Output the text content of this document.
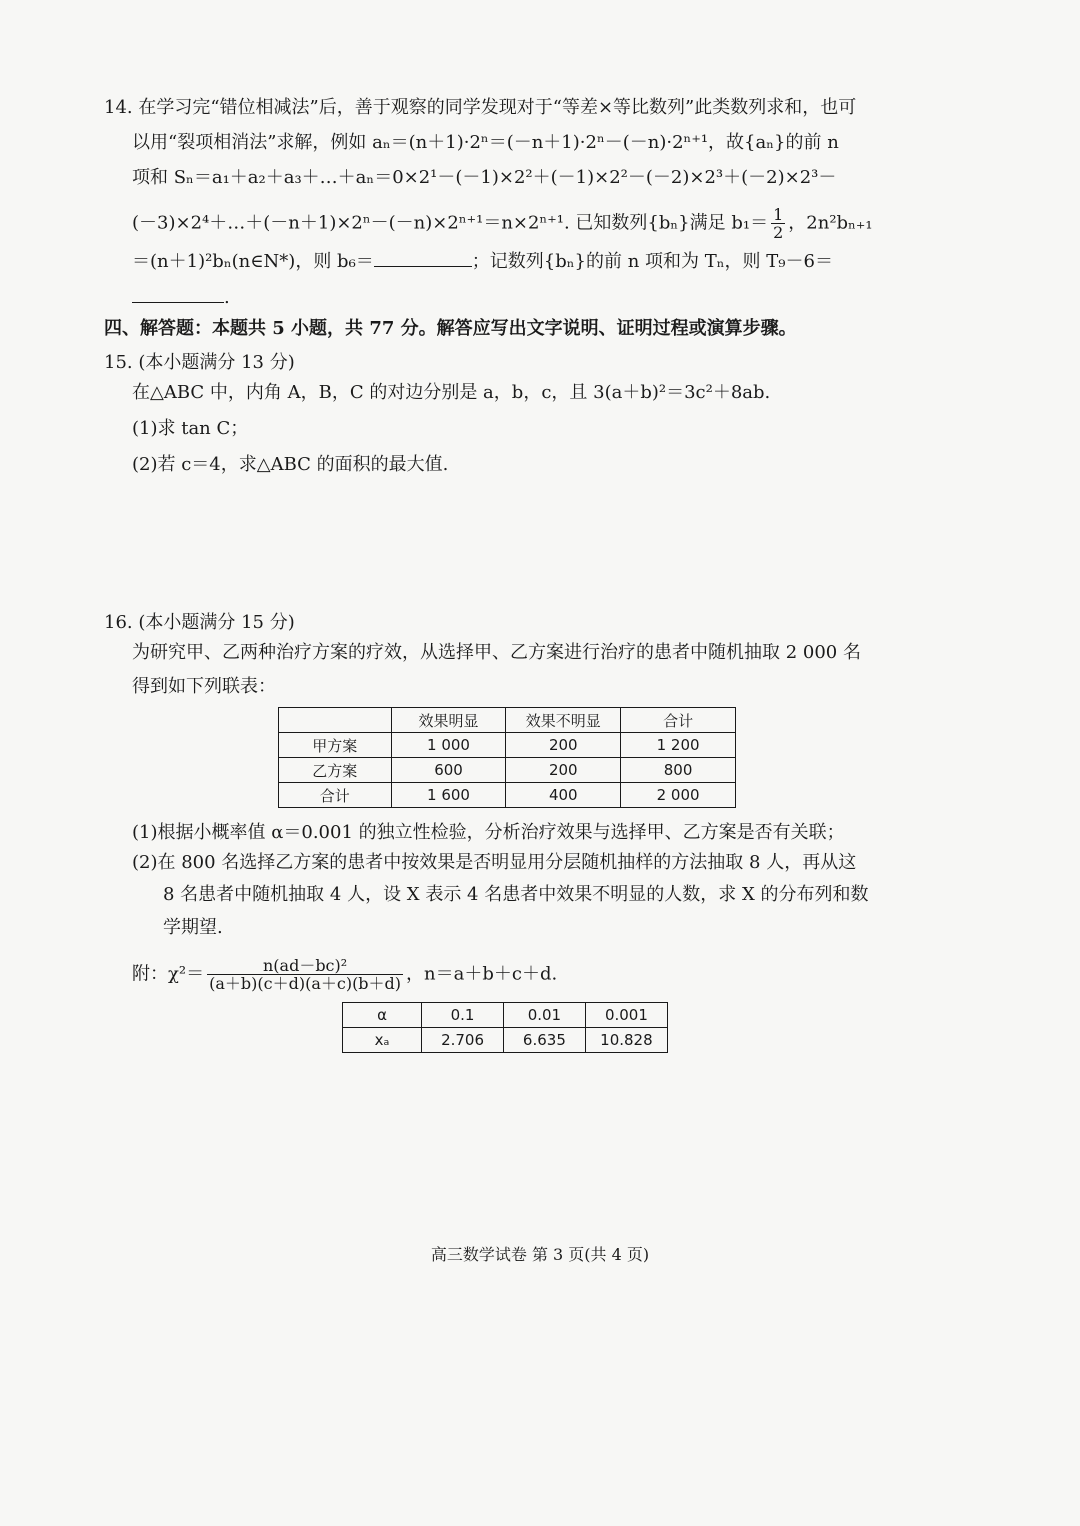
14. 在学习完“错位相减法”后，善于观察的同学发现对于“等差×等比数列”此类数列求和，也可
以用“裂项相消法”求解，例如 aₙ＝(n＋1)·2ⁿ＝(－n＋1)·2ⁿ－(－n)·2ⁿ⁺¹，故{aₙ}的前 n
项和 Sₙ＝a₁＋a₂＋a₃＋…＋aₙ＝0×2¹－(－1)×2²＋(－1)×2²－(－2)×2³＋(－2)×2³－
(－3)×2⁴＋…＋(－n＋1)×2ⁿ－(－n)×2ⁿ⁺¹＝n×2ⁿ⁺¹. 已知数列{bₙ}满足 $b_1= \frac{1}{2}$ ，2n²bₙ₊₁
＝(n＋1)²bₙ(n∈N*)，则 b₆＝	；记数列{bₙ}的前 n 项和为 Tₙ，则 T₉－6＝
.
四、解答题：本题共 5 小题，共 77 分。解答应写出文字说明、证明过程或演算步骤。
15. (本小题满分 13 分)
在△ABC 中，内角 A，B，C 的对边分别是 a，b，c，且 3(a＋b)²＝3c²＋8ab.
(1)求 tan C；
(2)若 c＝4，求△ABC 的面积的最大值.
16. (本小题满分 15 分)
为研究甲、乙两种治疗方案的疗效，从选择甲、乙方案进行治疗的患者中随机抽取 2 000 名
得到如下列联表：
	效果明显	效果不明显	合计
甲方案	1 000	200	1 200
乙方案	600	200	800
合计	1 600	400	2 000
(1)根据小概率值 α＝0.001 的独立性检验，分析治疗效果与选择甲、乙方案是否有关联；
(2)在 800 名选择乙方案的患者中按效果是否明显用分层随机抽样的方法抽取 8 人，再从这
8 名患者中随机抽取 4 人，设 X 表示 4 名患者中效果不明显的人数，求 X 的分布列和数
学期望.
附：$\chi^2= \frac{\text{n(ad－bc)²}}{(a+b)(c+d)(a+c)(b+d)}$ ，n＝a＋b＋c＋d.
α	0.1	0.01	0.001
xₐ	2.706	6.635	10.828
高三数学试卷 第 3 页(共 4 页)
